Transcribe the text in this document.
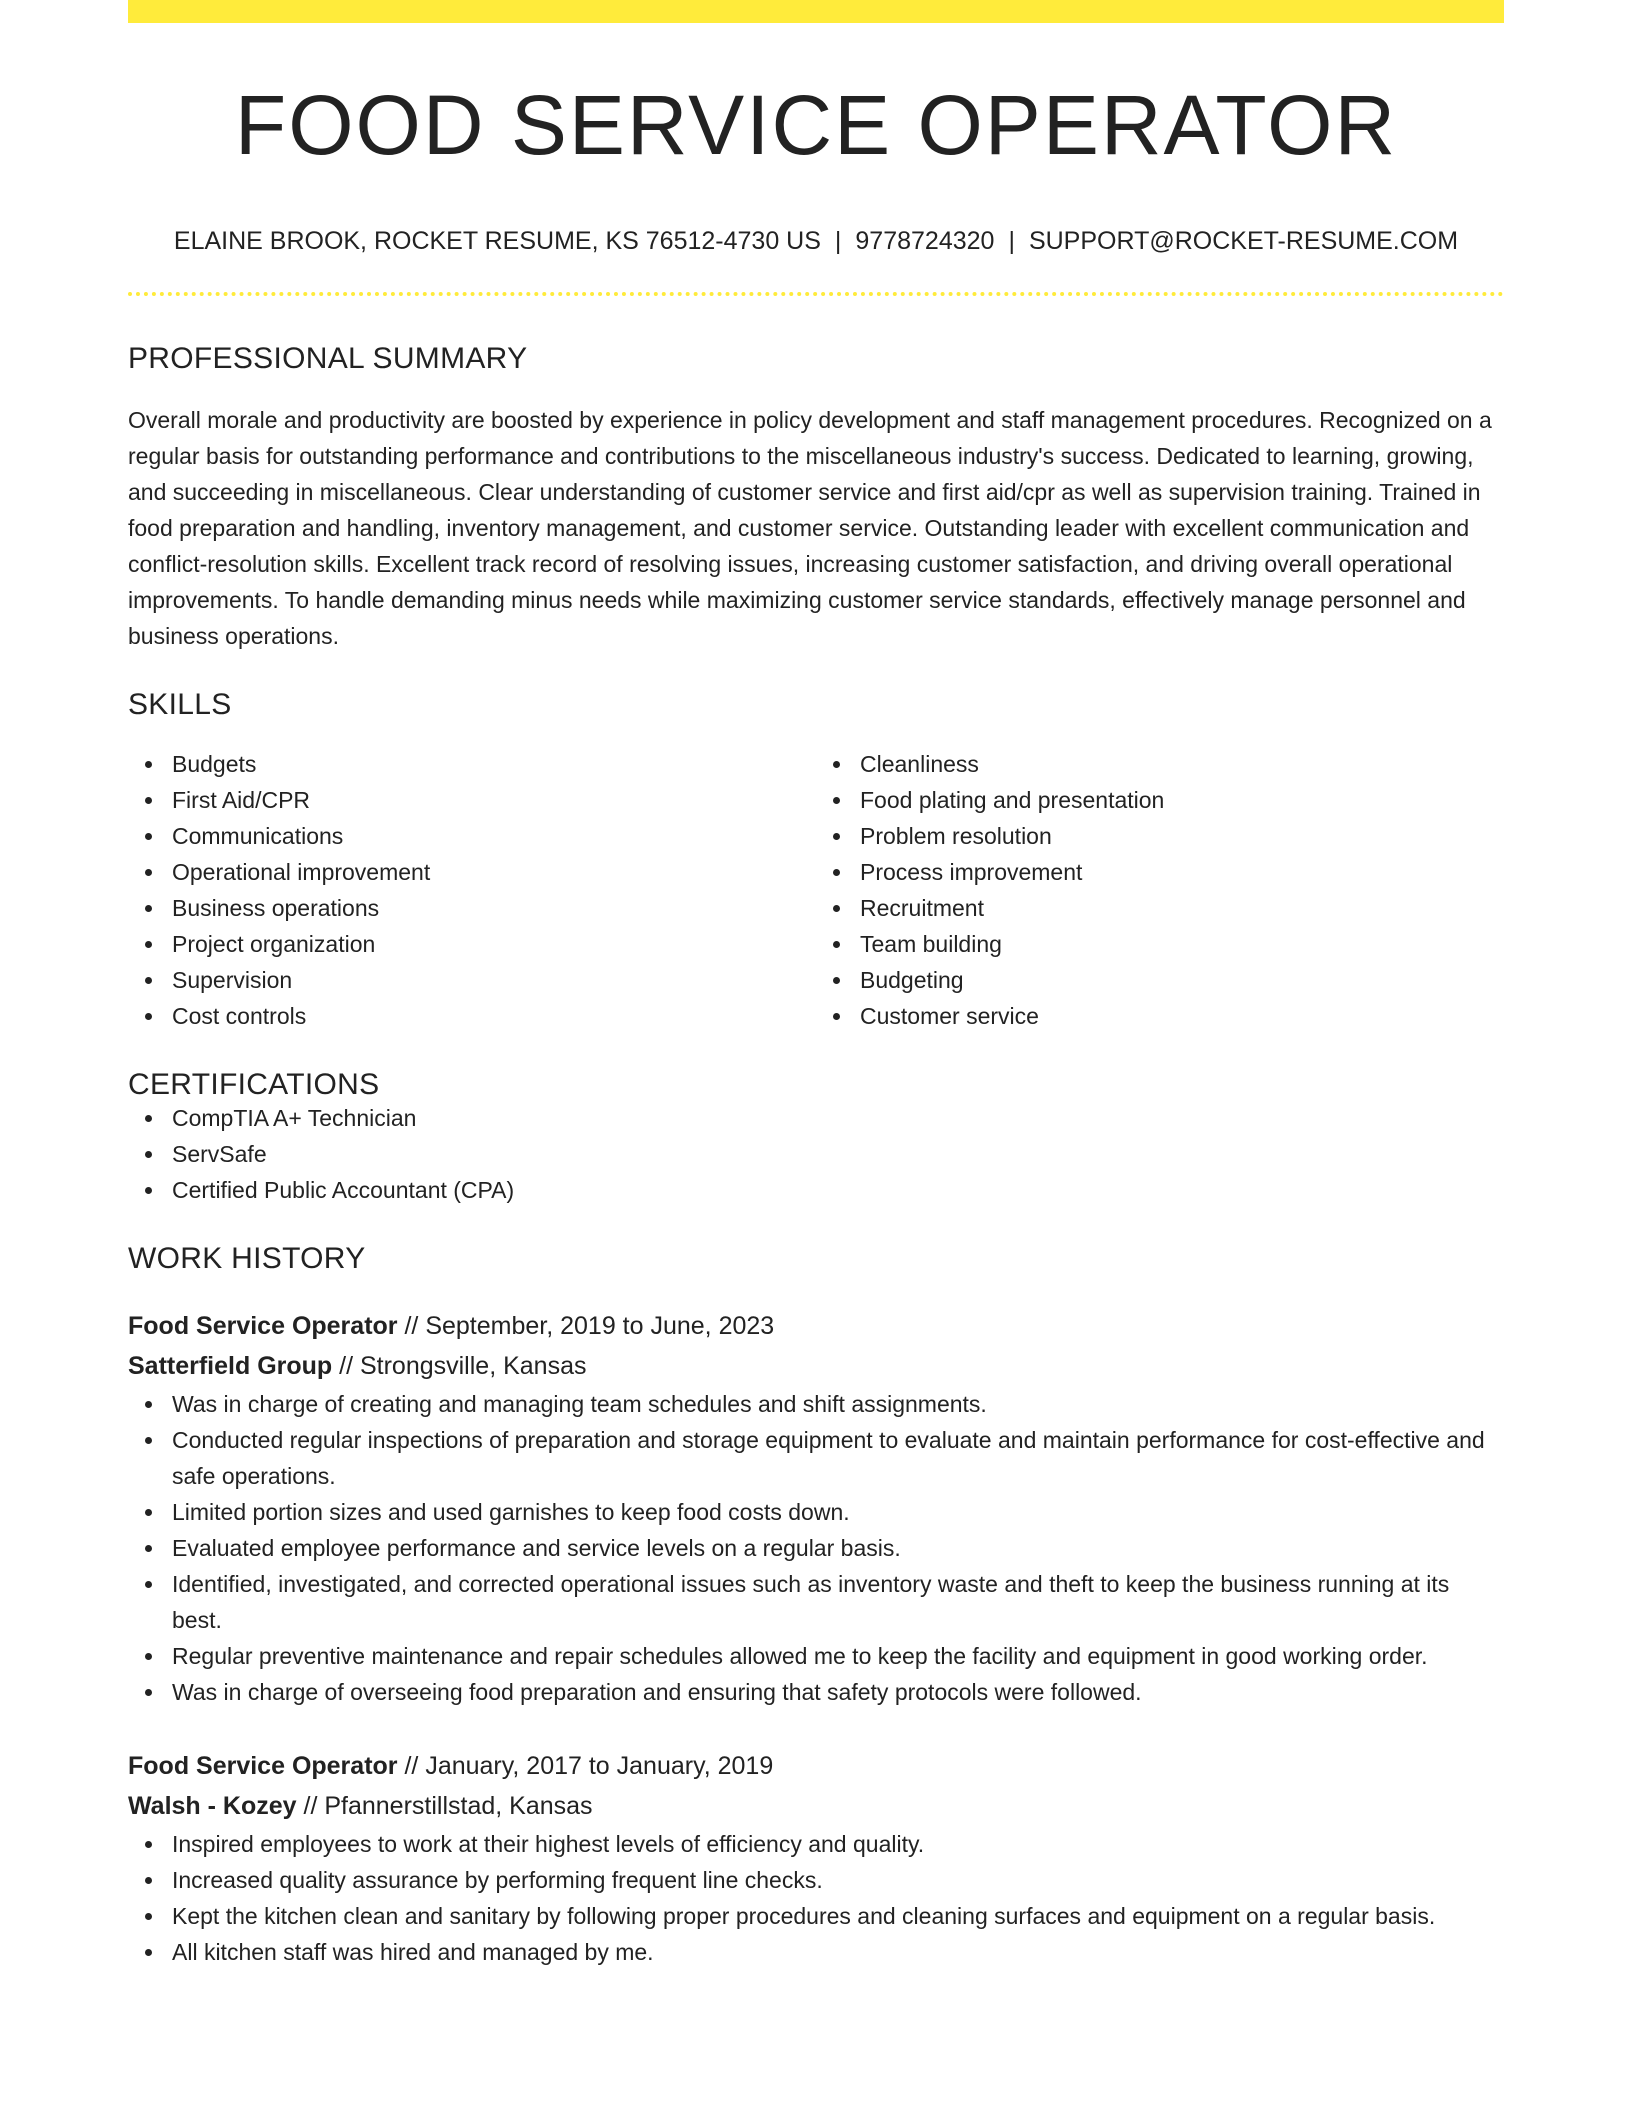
FOOD SERVICE OPERATOR
ELAINE BROOK, ROCKET RESUME, KS 76512-4730 US | 9778724320 | SUPPORT@ROCKET-RESUME.COM
PROFESSIONAL SUMMARY

Overall morale and productivity are boosted by experience in policy development and staff management procedures. Recognized on a regular basis for outstanding performance and contributions to the miscellaneous industry's success. Dedicated to learning, growing, and succeeding in miscellaneous. Clear understanding of customer service and first aid/cpr as well as supervision training. Trained in food preparation and handling, inventory management, and customer service. Outstanding leader with excellent communication and conflict-resolution skills. Excellent track record of resolving issues, increasing customer satisfaction, and driving overall operational improvements. To handle demanding minus needs while maximizing customer service standards, effectively manage personnel and business operations.

SKILLS
Budgets
First Aid/CPR
Communications
Operational improvement
Business operations
Project organization
Supervision
Cost controls
Cleanliness
Food plating and presentation
Problem resolution
Process improvement
Recruitment
Team building
Budgeting
Customer service
CERTIFICATIONS
CompTIA A+ Technician
ServSafe
Certified Public Accountant (CPA)
WORK HISTORY
Food Service Operator // September, 2019 to June, 2023
Satterfield Group // Strongsville, Kansas
Was in charge of creating and managing team schedules and shift assignments.
Conducted regular inspections of preparation and storage equipment to evaluate and maintain performance for cost-effective and safe operations.
Limited portion sizes and used garnishes to keep food costs down.
Evaluated employee performance and service levels on a regular basis.
Identified, investigated, and corrected operational issues such as inventory waste and theft to keep the business running at its best.
Regular preventive maintenance and repair schedules allowed me to keep the facility and equipment in good working order.
Was in charge of overseeing food preparation and ensuring that safety protocols were followed.
Food Service Operator // January, 2017 to January, 2019
Walsh - Kozey // Pfannerstillstad, Kansas
Inspired employees to work at their highest levels of efficiency and quality.
Increased quality assurance by performing frequent line checks.
Kept the kitchen clean and sanitary by following proper procedures and cleaning surfaces and equipment on a regular basis.
All kitchen staff was hired and managed by me.
